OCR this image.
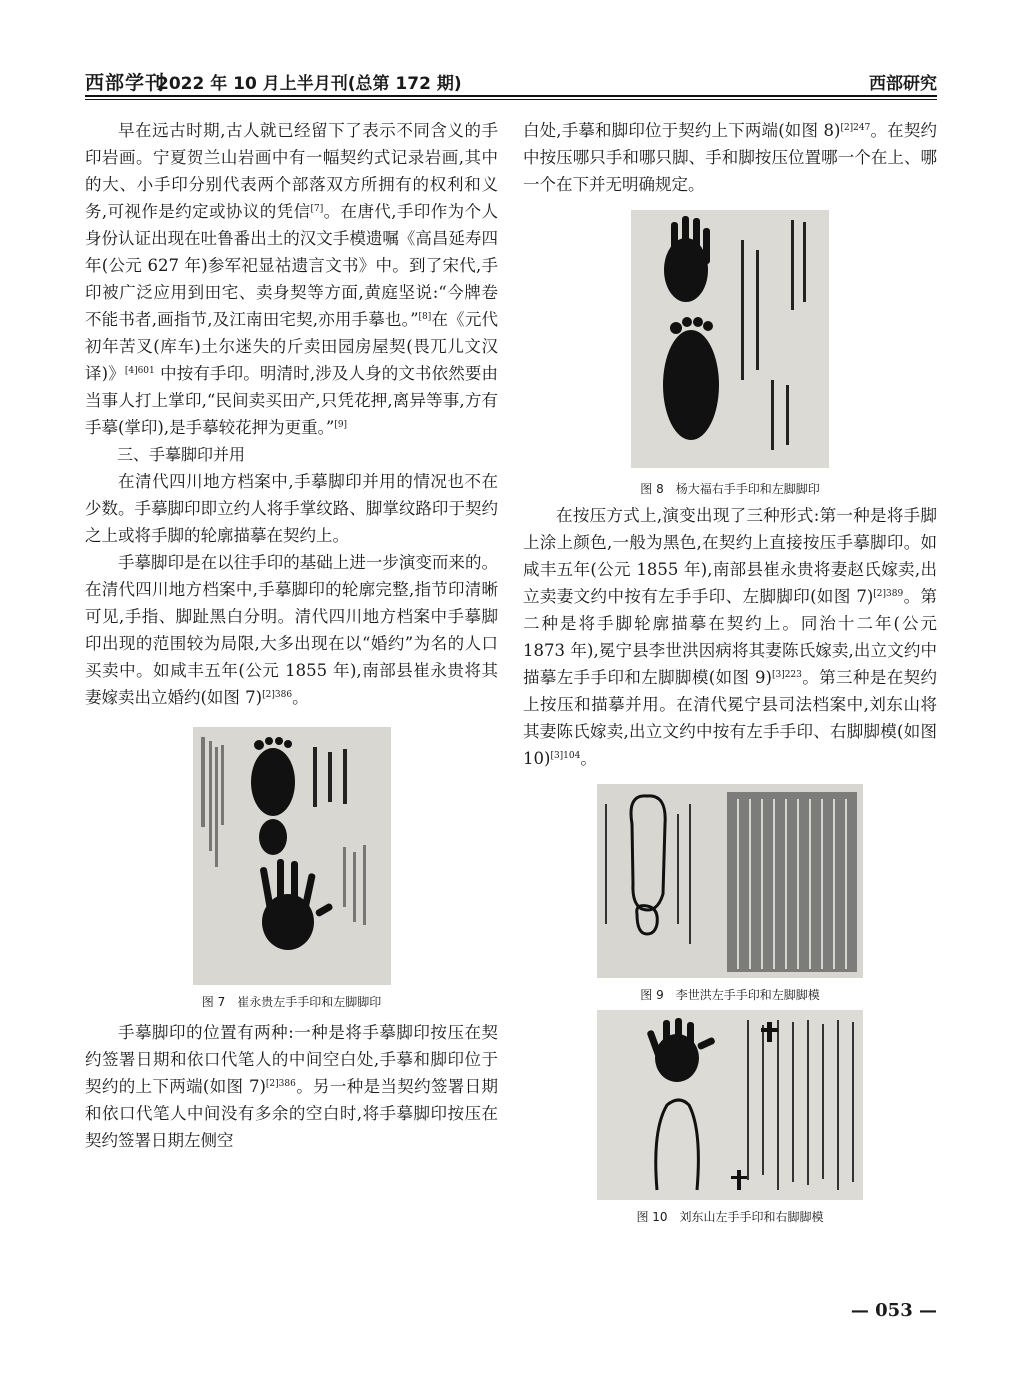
西部学刊
2022 年 10 月上半月刊(总第 172 期)	西部研究

早在远古时期,古人就已经留下了表示不同含义的手印岩画。宁夏贺兰山岩画中有一幅契约式记录岩画,其中的大、小手印分别代表两个部落双方所拥有的权利和义务,可视作是约定或协议的凭信[7]。在唐代,手印作为个人身份认证出现在吐鲁番出土的汉文手模遗嘱《高昌延寿四年(公元 627 年)参军祀显祜遗言文书》中。到了宋代,手印被广泛应用到田宅、卖身契等方面,黄庭坚说:“今牌卷不能书者,画指节,及江南田宅契,亦用手摹也。”[8]在《元代初年苦叉(库车)土尔迷失的斤卖田园房屋契(畏兀儿文汉译)》$^{[4]601}$ 中按有手印。明清时,涉及人身的文书依然要由当事人打上掌印,“民间卖买田产,只凭花押,离异等事,方有手摹(掌印),是手摹较花押为更重。”[9]

三、手摹脚印并用

在清代四川地方档案中,手摹脚印并用的情况也不在少数。手摹脚印即立约人将手掌纹路、脚掌纹路印于契约之上或将手脚的轮廓描摹在契约上。

手摹脚印是在以往手印的基础上进一步演变而来的。在清代四川地方档案中,手摹脚印的轮廓完整,指节印清晰可见,手指、脚趾黑白分明。清代四川地方档案中手摹脚印出现的范围较为局限,大多出现在以“婚约”为名的人口买卖中。如咸丰五年(公元 1855 年),南部县崔永贵将其妻嫁卖出立婚约(如图 7)$^{[2]386}$。

图 7　崔永贵左手手印和左脚脚印

手摹脚印的位置有两种:一种是将手摹脚印按压在契约签署日期和依口代笔人的中间空白处,手摹和脚印位于契约的上下两端(如图 7)$^{[2]386}$。另一种是当契约签署日期和依口代笔人中间没有多余的空白时,将手摹脚印按压在契约签署日期左侧空

白处,手摹和脚印位于契约上下两端(如图 8)$^{[2]247}$。在契约中按压哪只手和哪只脚、手和脚按压位置哪一个在上、哪一个在下并无明确规定。

图 8　杨大福右手手印和左脚脚印

在按压方式上,演变出现了三种形式:第一种是将手脚上涂上颜色,一般为黑色,在契约上直接按压手摹脚印。如咸丰五年(公元 1855 年),南部县崔永贵将妻赵氏嫁卖,出立卖妻文约中按有左手手印、左脚脚印(如图 7)$^{[2]389}$。第二种是将手脚轮廓描摹在契约上。同治十二年(公元 1873 年),冕宁县李世洪因病将其妻陈氏嫁卖,出立文约中描摹左手手印和左脚脚模(如图 9)$^{[3]223}$。第三种是在契约上按压和描摹并用。在清代冕宁县司法档案中,刘东山将其妻陈氏嫁卖,出立文约中按有左手手印、右脚脚模(如图 10)$^{[3]104}$。

图 9　李世洪左手手印和左脚脚模
图 10　刘东山左手手印和右脚脚模
— 053 —
